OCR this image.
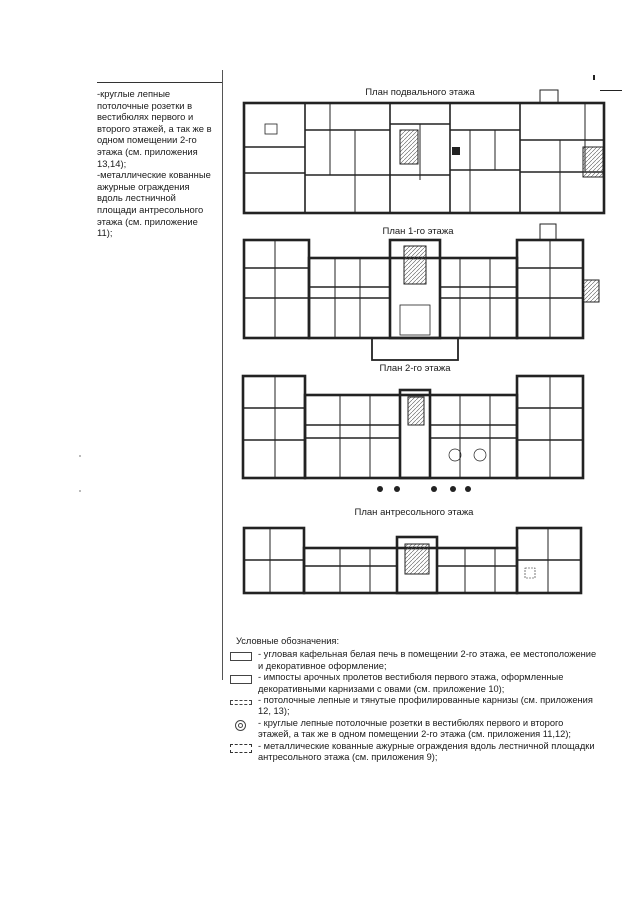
-круглые лепные

потолочные розетки в

вестибюлях первого и

второго этажей, а так же в

одном помещении 2-го

этажа (см. приложения

13,14);

-металлические кованные

ажурные ограждения

вдоль лестничной

площади антресольного

этажа (см. приложение

11);

План подвального этажа
План 1-го этажа
План 2-го этажа
План антресольного этажа
Условные обозначения:
- угловая кафельная белая печь в помещении 2-го этажа, ее местоположение
и декоративное оформление;
- импосты арочных пролетов вестибюля первого этажа, оформленные
декоративными карнизами с овами (см. приложение 10);
- потолочные лепные и тянутые профилированные карнизы (см. приложения
12, 13);
- круглые лепные потолочные розетки в вестибюлях первого и второго
этажей, а так же в одном помещении 2-го этажа (см. приложения 11,12);
- металлические кованные ажурные ограждения вдоль лестничной площадки
антресольного этажа (см. приложения 9);
